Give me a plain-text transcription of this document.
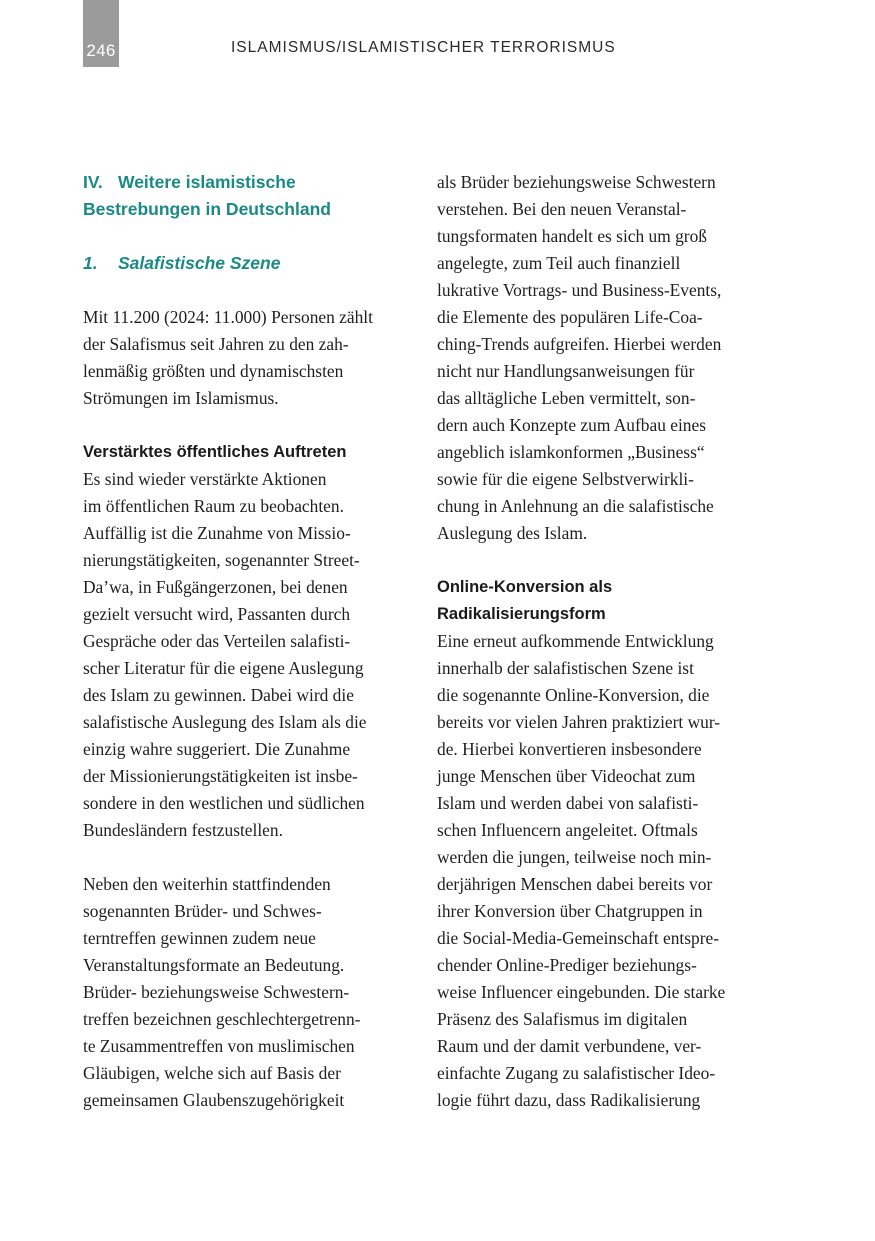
246	ISLAMISMUS/ISLAMISTISCHER TERRORISMUS
IV. Weitere islamistische
Bestrebungen in Deutschland
1. Salafistische Szene

Mit 11.200 (2024: 11.000) Personen zählt
der Salafismus seit Jahren zu den zah-
lenmäßig größten und dynamischsten
Strömungen im Islamismus.

Verstärktes öffentliches Auftreten

Es sind wieder verstärkte Aktionen
im öffentlichen Raum zu beobachten.
Auffällig ist die Zunahme von Missio-
nierungstätigkeiten, sogenannter Street-
Da’wa, in Fußgängerzonen, bei denen
gezielt versucht wird, Passanten durch
Gespräche oder das Verteilen salafisti-
scher Literatur für die eigene Auslegung
des Islam zu gewinnen. Dabei wird die
salafistische Auslegung des Islam als die
einzig wahre suggeriert. Die Zunahme
der Missionierungstätigkeiten ist insbe-
sondere in den westlichen und südlichen
Bundesländern festzustellen.

Neben den weiterhin stattfindenden
sogenannten Brüder- und Schwes-
terntreffen gewinnen zudem neue
Veranstaltungsformate an Bedeutung.
Brüder- beziehungsweise Schwestern-
treffen bezeichnen geschlechtergetrenn-
te Zusammentreffen von muslimischen
Gläubigen, welche sich auf Basis der
gemeinsamen Glaubenszugehörigkeit

als Brüder beziehungsweise Schwestern
verstehen. Bei den neuen Veranstal-
tungsformaten handelt es sich um groß
angelegte, zum Teil auch finanziell
lukrative Vortrags- und Business-Events,
die Elemente des populären Life-Coa-
ching-Trends aufgreifen. Hierbei werden
nicht nur Handlungsanweisungen für
das alltägliche Leben vermittelt, son-
dern auch Konzepte zum Aufbau eines
angeblich islamkonformen „Business“
sowie für die eigene Selbstverwirkli-
chung in Anlehnung an die salafistische
Auslegung des Islam.

Online-Konversion als
Radikalisierungsform

Eine erneut aufkommende Entwicklung
innerhalb der salafistischen Szene ist
die sogenannte Online-Konversion, die
bereits vor vielen Jahren praktiziert wur-
de. Hierbei konvertieren insbesondere
junge Menschen über Videochat zum
Islam und werden dabei von salafisti-
schen Influencern angeleitet. Oftmals
werden die jungen, teilweise noch min-
derjährigen Menschen dabei bereits vor
ihrer Konversion über Chatgruppen in
die Social-Media-Gemeinschaft entspre-
chender Online-Prediger beziehungs-
weise Influencer eingebunden. Die starke
Präsenz des Salafismus im digitalen
Raum und der damit verbundene, ver-
einfachte Zugang zu salafistischer Ideo-
logie führt dazu, dass Radikalisierung
